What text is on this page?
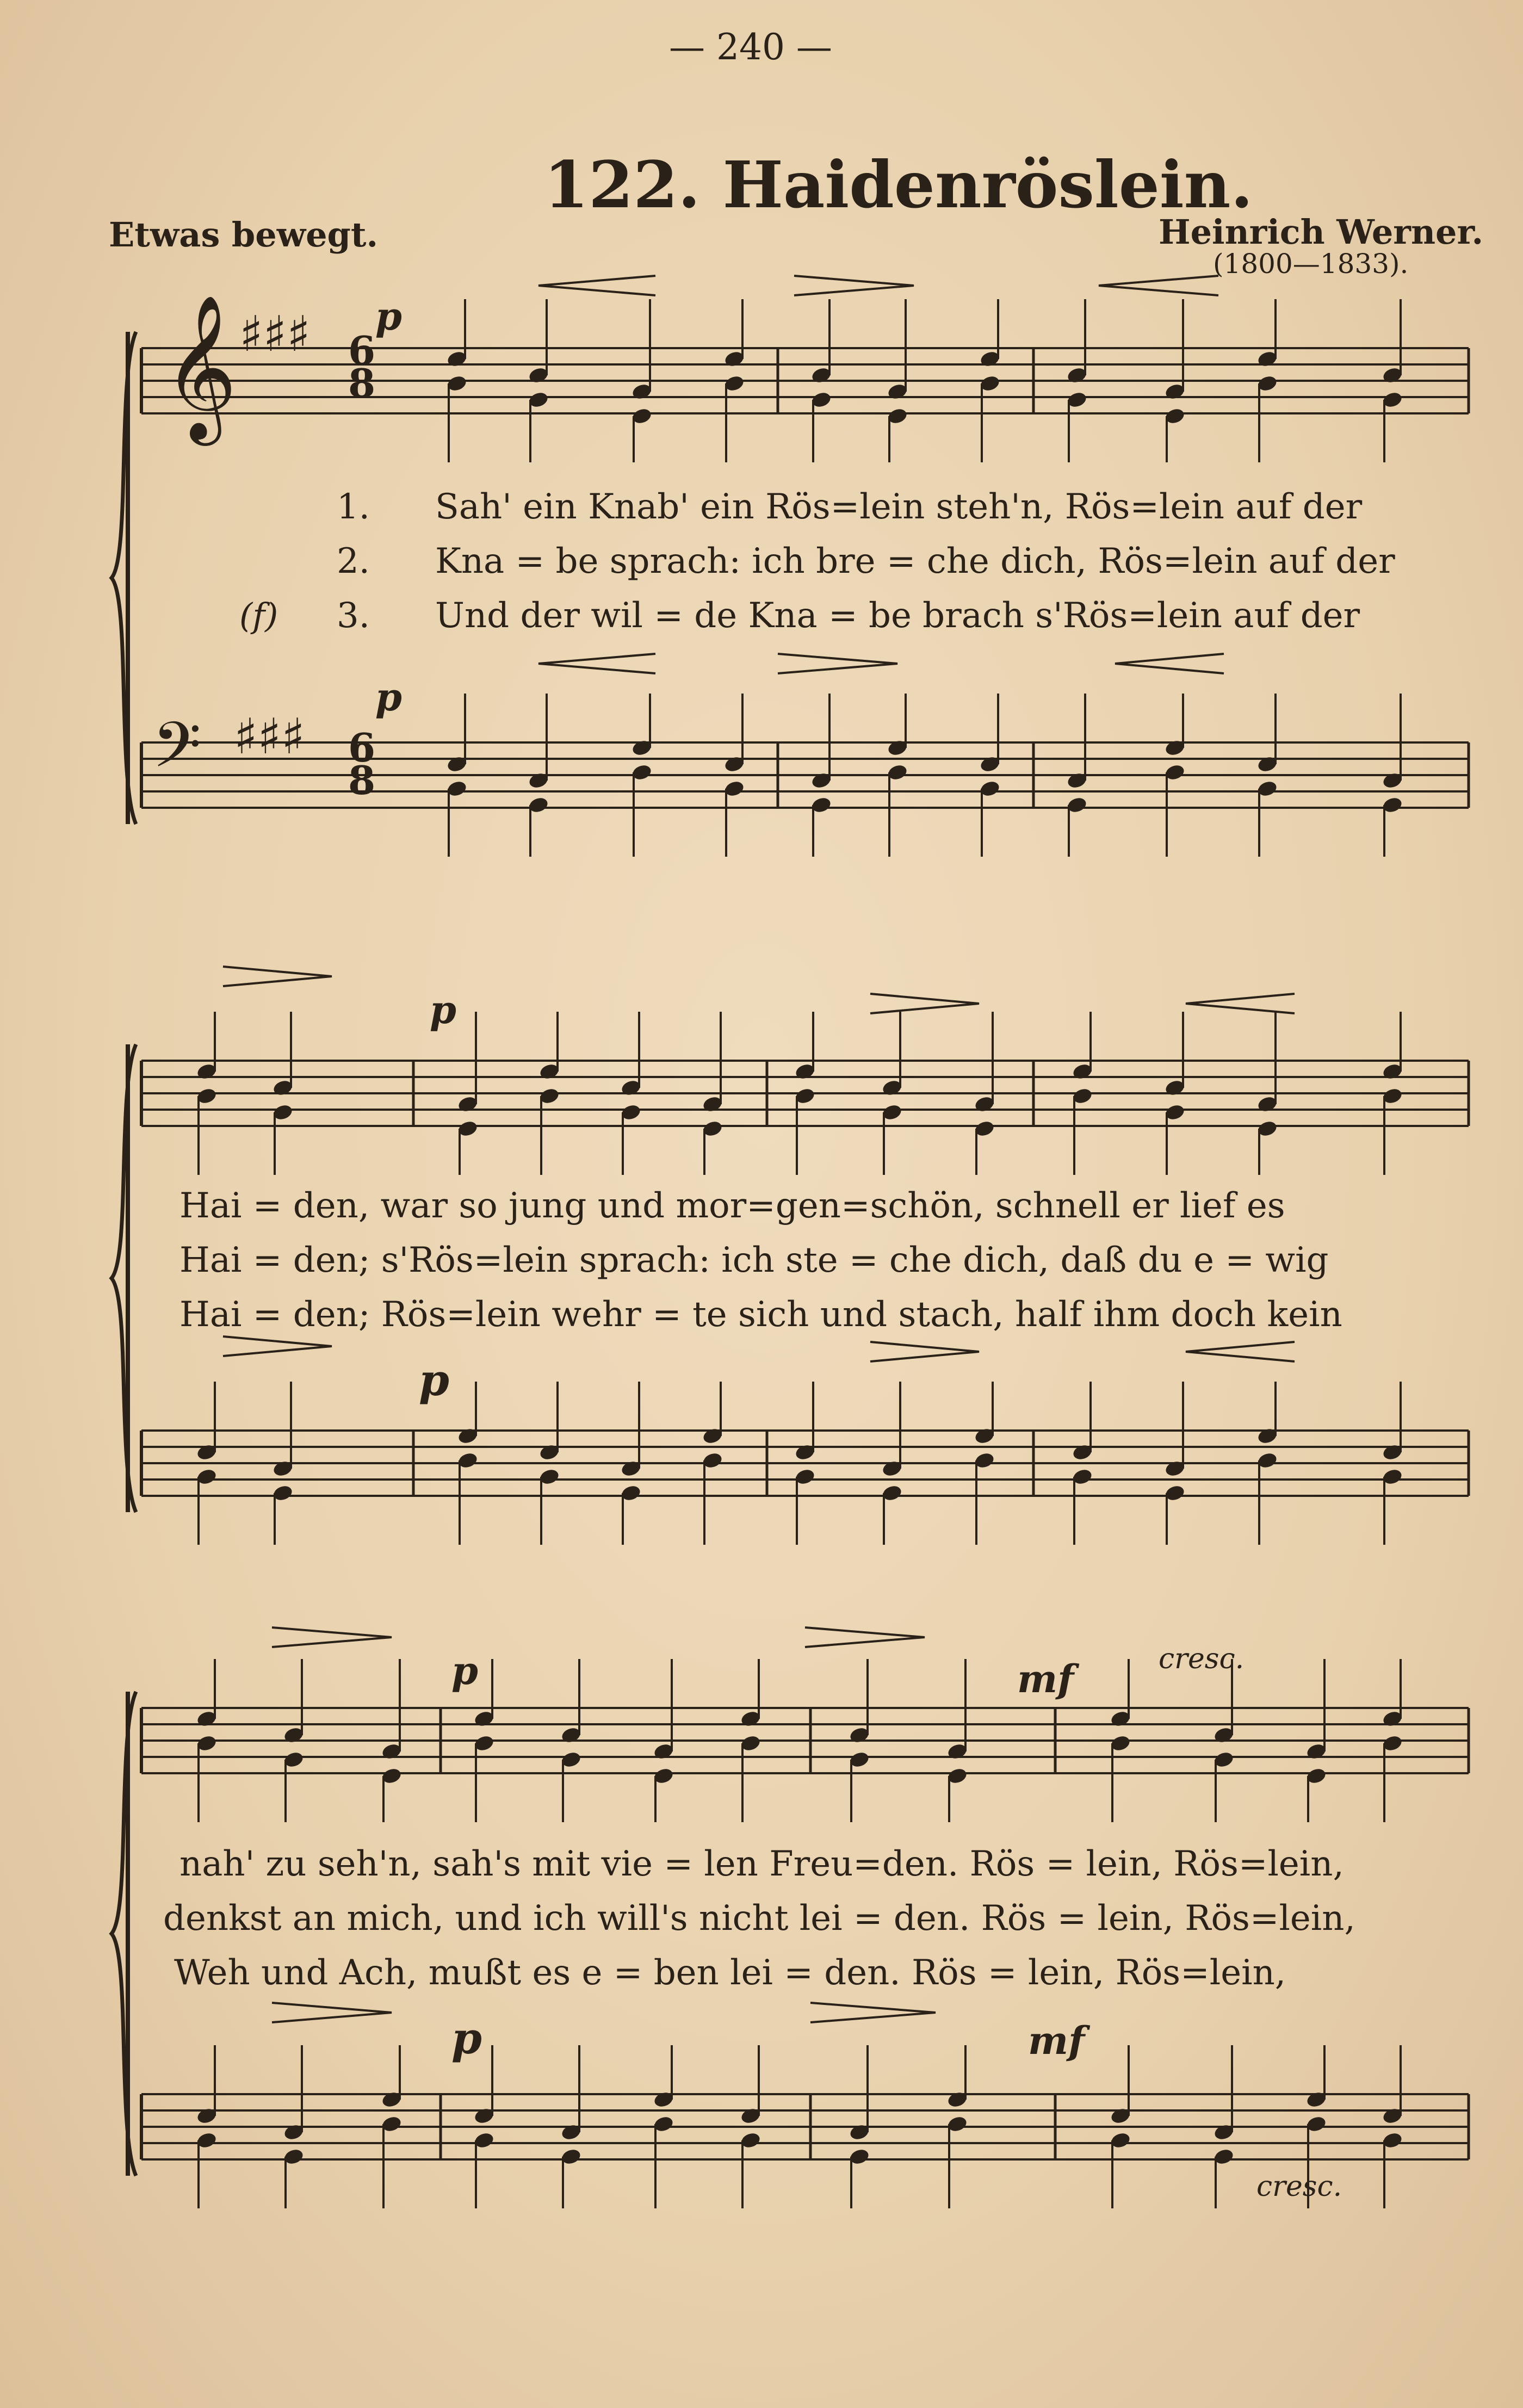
— 240 —
122. Haidenröslein.
Etwas bewegt.	Heinrich Werner.
(1800—1833).
p
p
p
p
p
p
mf
mf
cresc.
cresc.
1.
2.
3.
(f)
Sah' ein Knab' ein Rös=lein steh'n, Rös=lein auf der
Kna = be sprach: ich bre = che dich, Rös=lein auf der
Und der wil = de Kna = be brach s'Rös=lein auf der
Hai = den, war so jung und mor=gen=schön, schnell er lief es
Hai = den; s'Rös=lein sprach: ich ste = che dich, daß du e = wig
Hai = den; Rös=lein wehr = te sich und stach, half ihm doch kein
nah' zu seh'n, sah's mit vie = len Freu=den. Rös = lein, Rös=lein,
denkst an mich, und ich will's nicht lei = den. Rös = lein, Rös=lein,
Weh und Ach, mußt es e = ben lei = den. Rös = lein, Rös=lein,
6
8
6
8
𝄞
𝄢
♯♯♯
♯♯♯
